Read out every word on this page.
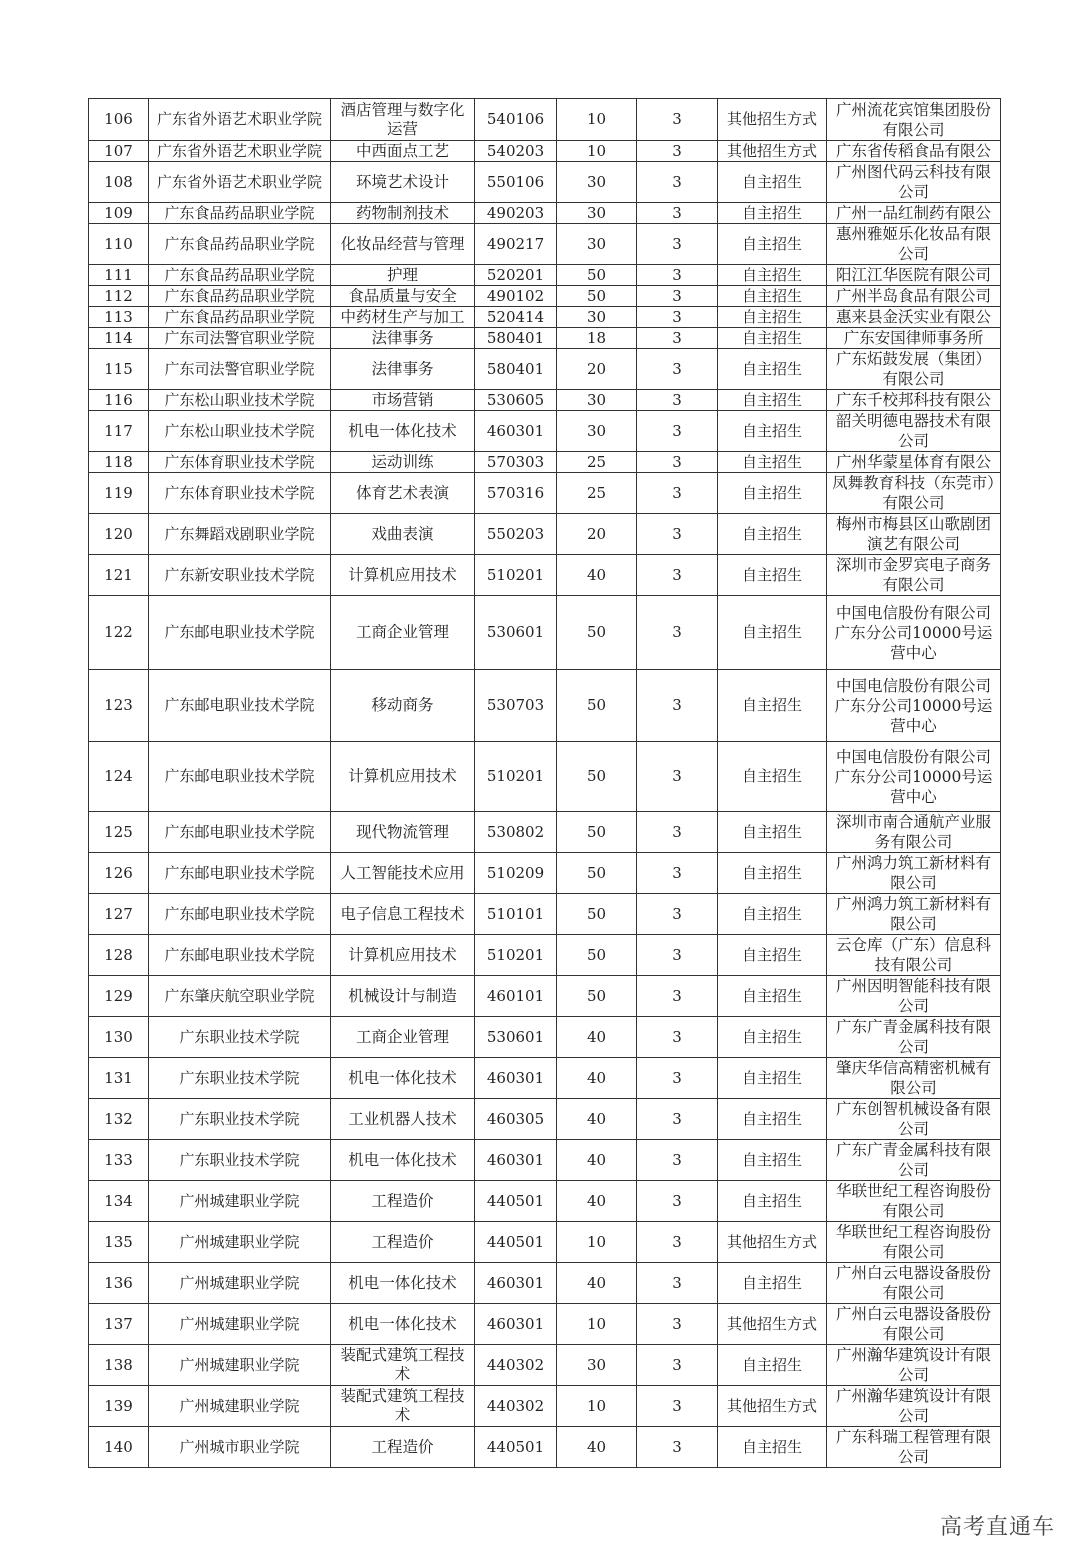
106	广东省外语艺术职业学院	酒店管理与数字化运营	540106	10	3	其他招生方式	广州流花宾馆集团股份有限公司
107	广东省外语艺术职业学院	中西面点工艺	540203	10	3	其他招生方式	广东省传稻食品有限公
108	广东省外语艺术职业学院	环境艺术设计	550106	30	3	自主招生	广州图代码云科技有限公司
109	广东食品药品职业学院	药物制剂技术	490203	30	3	自主招生	广州一品红制药有限公
110	广东食品药品职业学院	化妆品经营与管理	490217	30	3	自主招生	惠州雅姬乐化妆品有限公司
111	广东食品药品职业学院	护理	520201	50	3	自主招生	阳江江华医院有限公司
112	广东食品药品职业学院	食品质量与安全	490102	50	3	自主招生	广州半岛食品有限公司
113	广东食品药品职业学院	中药材生产与加工	520414	30	3	自主招生	惠来县金沃实业有限公
114	广东司法警官职业学院	法律事务	580401	18	3	自主招生	广东安国律师事务所
115	广东司法警官职业学院	法律事务	580401	20	3	自主招生	广东炻鼓发展（集团）有限公司
116	广东松山职业技术学院	市场营销	530605	30	3	自主招生	广东千校邦科技有限公
117	广东松山职业技术学院	机电一体化技术	460301	30	3	自主招生	韶关明德电器技术有限公司
118	广东体育职业技术学院	运动训练	570303	25	3	自主招生	广州华蒙星体育有限公
119	广东体育职业技术学院	体育艺术表演	570316	25	3	自主招生	凤舞教育科技（东莞市）有限公司
120	广东舞蹈戏剧职业学院	戏曲表演	550203	20	3	自主招生	梅州市梅县区山歌剧团演艺有限公司
121	广东新安职业技术学院	计算机应用技术	510201	40	3	自主招生	深圳市金罗宾电子商务有限公司
122	广东邮电职业技术学院	工商企业管理	530601	50	3	自主招生	中国电信股份有限公司广东分公司10000号运营中心
123	广东邮电职业技术学院	移动商务	530703	50	3	自主招生	中国电信股份有限公司广东分公司10000号运营中心
124	广东邮电职业技术学院	计算机应用技术	510201	50	3	自主招生	中国电信股份有限公司广东分公司10000号运营中心
125	广东邮电职业技术学院	现代物流管理	530802	50	3	自主招生	深圳市南合通航产业服务有限公司
126	广东邮电职业技术学院	人工智能技术应用	510209	50	3	自主招生	广州鸿力筑工新材料有限公司
127	广东邮电职业技术学院	电子信息工程技术	510101	50	3	自主招生	广州鸿力筑工新材料有限公司
128	广东邮电职业技术学院	计算机应用技术	510201	50	3	自主招生	云仓库（广东）信息科技有限公司
129	广东肇庆航空职业学院	机械设计与制造	460101	50	3	自主招生	广州因明智能科技有限公司
130	广东职业技术学院	工商企业管理	530601	40	3	自主招生	广东广青金属科技有限公司
131	广东职业技术学院	机电一体化技术	460301	40	3	自主招生	肇庆华信高精密机械有限公司
132	广东职业技术学院	工业机器人技术	460305	40	3	自主招生	广东创智机械设备有限公司
133	广东职业技术学院	机电一体化技术	460301	40	3	自主招生	广东广青金属科技有限公司
134	广州城建职业学院	工程造价	440501	40	3	自主招生	华联世纪工程咨询股份有限公司
135	广州城建职业学院	工程造价	440501	10	3	其他招生方式	华联世纪工程咨询股份有限公司
136	广州城建职业学院	机电一体化技术	460301	40	3	自主招生	广州白云电器设备股份有限公司
137	广州城建职业学院	机电一体化技术	460301	10	3	其他招生方式	广州白云电器设备股份有限公司
138	广州城建职业学院	装配式建筑工程技术	440302	30	3	自主招生	广州瀚华建筑设计有限公司
139	广州城建职业学院	装配式建筑工程技术	440302	10	3	其他招生方式	广州瀚华建筑设计有限公司
140	广州城市职业学院	工程造价	440501	40	3	自主招生	广东科瑞工程管理有限公司
高考直通车
